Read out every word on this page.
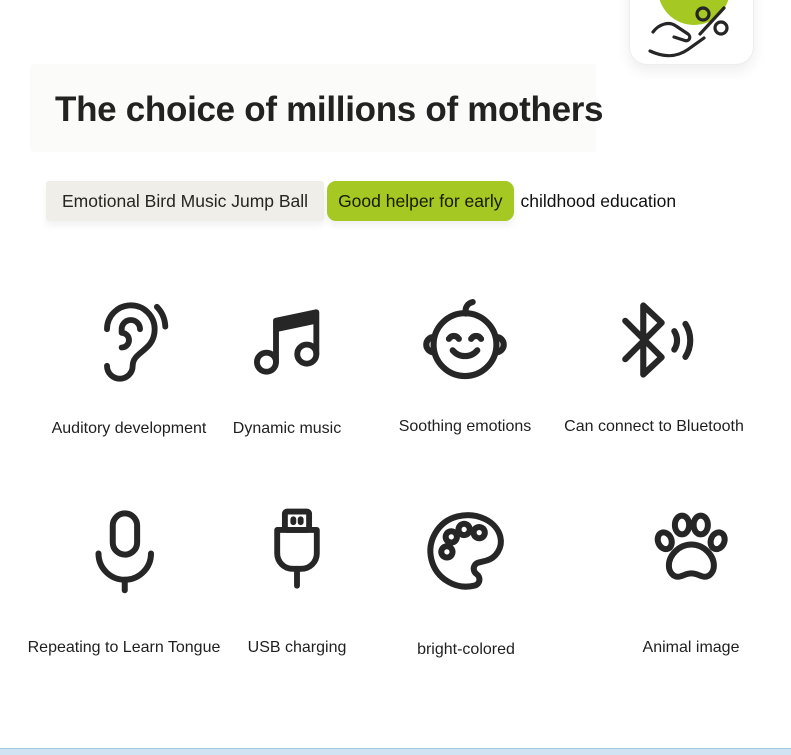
The choice of millions of mothers
Emotional Bird Music Jump Ball	Good helper for early	childhood education
Auditory development	Dynamic music	Soothing emotions	Can connect to Bluetooth
Repeating to Learn Tongue	USB charging	bright-colored	Animal image
